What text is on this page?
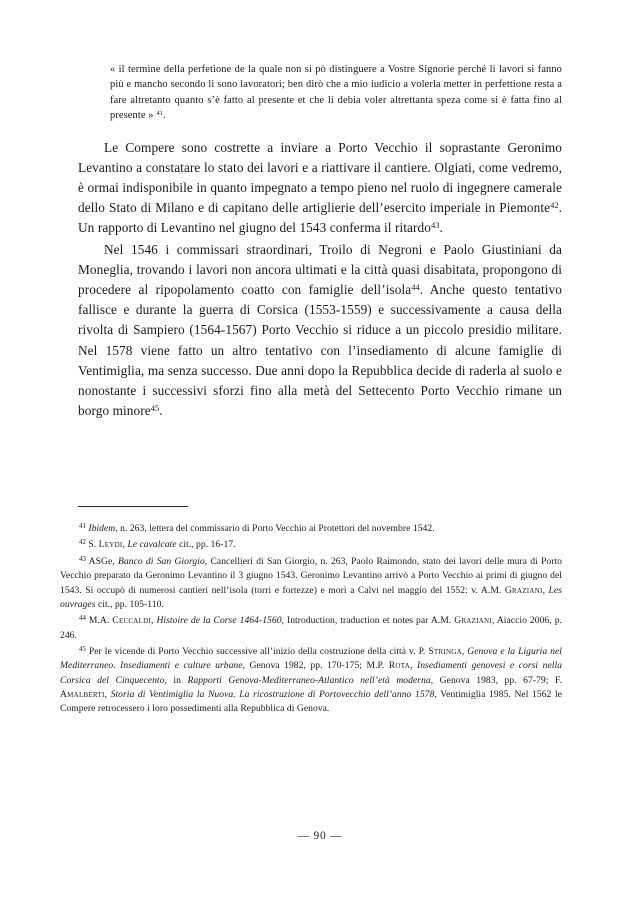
« il termine della perfetione de la quale non si pò distinguere a Vostre Signorie perché li lavori si fanno più e mancho secondo li sono lavoratori; ben dirò che a mio iudicio a volerla metter in perfettione resta a fare altretanto quanto s’è fatto al presente et che li debia voler altrettanta speza come si è fatta fino al presente » $^{41}$.

Le Compere sono costrette a inviare a Porto Vecchio il soprastante Geronimo Levantino a constatare lo stato dei lavori e a riattivare il cantiere. Olgiati, come vedremo, è ormai indisponibile in quanto impegnato a tempo pieno nel ruolo di ingegnere camerale dello Stato di Milano e di capitano delle artiglierie dell’esercito imperiale in Piemonte$^{42}$. Un rapporto di Levantino nel giugno del 1543 conferma il ritardo$^{43}$.

Nel 1546 i commissari straordinari, Troilo di Negroni e Paolo Giustiniani da Moneglia, trovando i lavori non ancora ultimati e la città quasi disabitata, propongono di procedere al ripopolamento coatto con famiglie dell’isola$^{44}$. Anche questo tentativo fallisce e durante la guerra di Corsica (1553-1559) e successivamente a causa della rivolta di Sampiero (1564-1567) Porto Vecchio si riduce a un piccolo presidio militare. Nel 1578 viene fatto un altro tentativo con l’insediamento di alcune famiglie di Ventimiglia, ma senza successo. Due anni dopo la Repubblica decide di raderla al suolo e nonostante i successivi sforzi fino alla metà del Settecento Porto Vecchio rimane un borgo minore$^{45}$.

$^{41}$ Ibidem, n. 263, lettera del commissario di Porto Vecchio ai Protettori del novembre 1542.

$^{42}$ S. Leydi, Le cavalcate cit., pp. 16-17.

$^{43}$ ASGe, Banco di San Giorgio, Cancellieri di San Giorgio, n. 263, Paolo Raimondo, stato dei lavori delle mura di Porto Vecchio preparato da Geronimo Levantino il 3 giugno 1543. Geronimo Levantino arrivò a Porto Vecchio ai primi di giugno del 1543. Si occupò di numerosi cantieri nell’isola (torri e fortezze) e morì a Calvi nel maggio del 1552: v. A.M. Graziani, Les ouvrages cit., pp. 105-110.

$^{44}$ M.A. Ceccaldi, Histoire de la Corse 1464-1560, Introduction, traduction et notes par A.M. Graziani, Aiaccio 2006, p. 246.

$^{45}$ Per le vicende di Porto Vecchio successive all’inizio della costruzione della città v. P. Stringa, Genova e la Liguria nel Mediterraneo. Insediamenti e culture urbane, Genova 1982, pp. 170-175; M.P. Rota, Insediamenti genovesi e corsi nella Corsica del Cinquecento, in Rapporti Genova-Mediterraneo-Atlantico nell’età moderna, Genova 1983, pp. 67-79; F. Amalberti, Storia di Ventimiglia la Nuova. La ricostruzione di Portovecchio dell’anno 1578, Ventimiglia 1985. Nel 1562 le Compere retrocessero i loro possedimenti alla Repubblica di Genova.

— 90 —
